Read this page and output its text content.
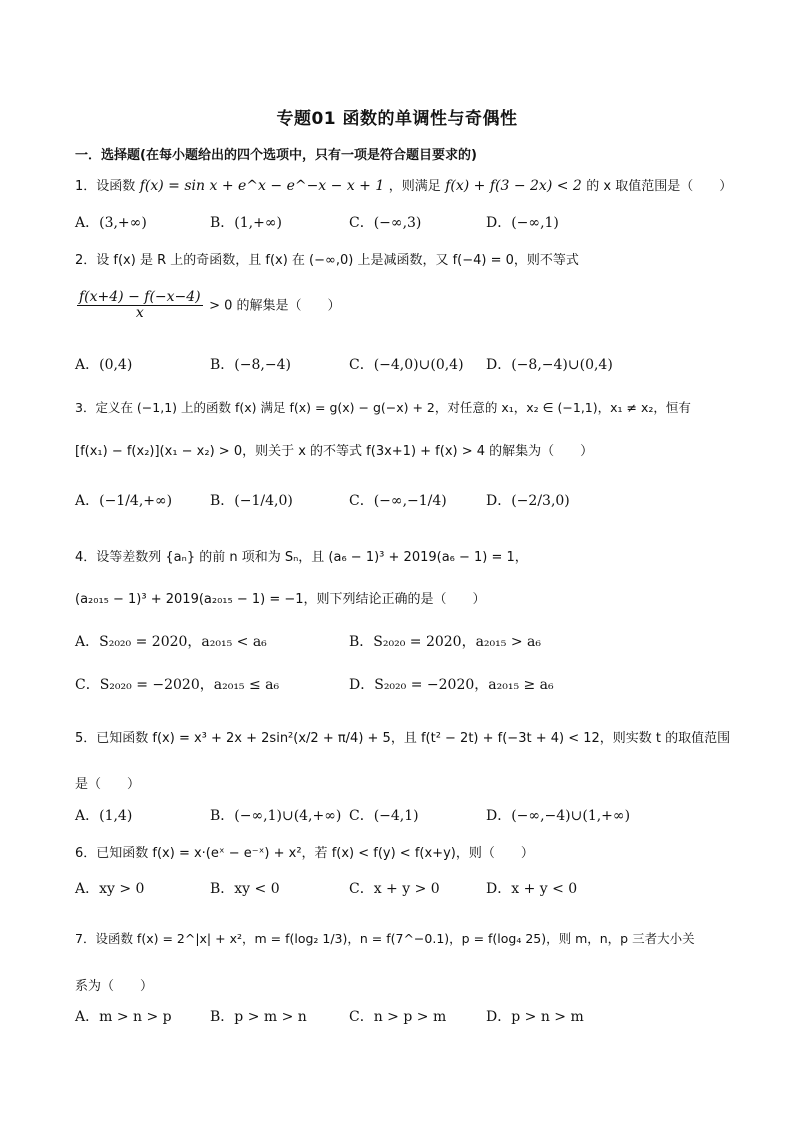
专题01 函数的单调性与奇偶性
一．选择题(在每小题给出的四个选项中，只有一项是符合题目要求的)
1．设函数 f(x) = sin x + e^x − e^−x − x + 1 ，则满足 f(x) + f(3 − 2x) < 2 的 x 取值范围是（　　）
A．(3,+∞)	B．(1,+∞)	C．(−∞,3)	D．(−∞,1)
2．设 f(x) 是 R 上的奇函数，且 f(x) 在 (−∞,0) 上是减函数，又 f(−4) = 0，则不等式
$\frac{f(x+4) - f(-x-4)}{x} > 0$ 的解集是（　　）
A．(0,4)	B．(−8,−4)	C．(−4,0)∪(0,4) D．(−8,−4)∪(0,4)
3．定义在 (−1,1) 上的函数 f(x) 满足 f(x) = g(x) − g(−x) + 2，对任意的 x₁，x₂ ∈ (−1,1)，x₁ ≠ x₂，恒有
[f(x₁) − f(x₂)](x₁ − x₂) > 0，则关于 x 的不等式 f(3x+1) + f(x) > 4 的解集为（　　）
A．(−1/4,+∞)	B．(−1/4,0)	C．(−∞,−1/4)	D．(−2/3,0)
4．设等差数列 {aₙ} 的前 n 项和为 Sₙ，且 (a₆ − 1)³ + 2019(a₆ − 1) = 1，
(a₂₀₁₅ − 1)³ + 2019(a₂₀₁₅ − 1) = −1，则下列结论正确的是（　　）
A．S₂₀₂₀ = 2020，a₂₀₁₅ < a₆	B．S₂₀₂₀ = 2020，a₂₀₁₅ > a₆
C．S₂₀₂₀ = −2020，a₂₀₁₅ ≤ a₆	D．S₂₀₂₀ = −2020，a₂₀₁₅ ≥ a₆
5．已知函数 f(x) = x³ + 2x + 2sin²(x/2 + π/4) + 5，且 f(t² − 2t) + f(−3t + 4) < 12，则实数 t 的取值范围
是（　　）
A．(1,4)	B．(−∞,1)∪(4,+∞) C．(−4,1)	D．(−∞,−4)∪(1,+∞)
6．已知函数 f(x) = x·(eˣ − e⁻ˣ) + x²，若 f(x) < f(y) < f(x+y)，则（　　）
A．xy > 0	B．xy < 0	C．x + y > 0	D．x + y < 0
7．设函数 f(x) = 2^|x| + x²，m = f(log₂ 1/3)，n = f(7^−0.1)，p = f(log₄ 25)，则 m，n，p 三者大小关
系为（　　）
A．m > n > p	B．p > m > n	C．n > p > m	D．p > n > m
